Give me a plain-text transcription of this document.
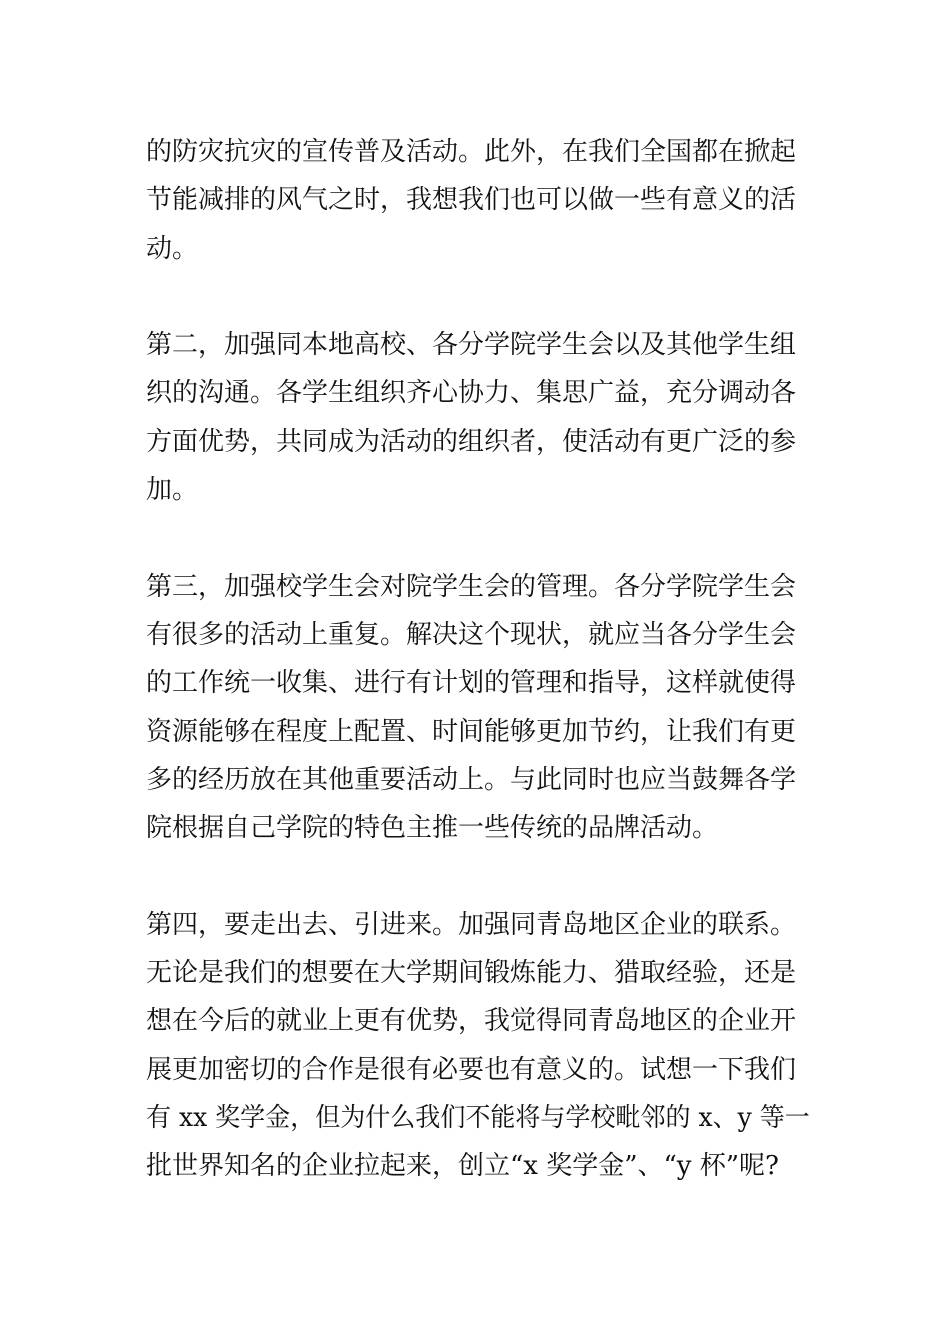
的防灾抗灾的宣传普及活动。此外，在我们全国都在掀起
节能减排的风气之时，我想我们也可以做一些有意义的活
动。
第二，加强同本地高校、各分学院学生会以及其他学生组
织的沟通。各学生组织齐心协力、集思广益，充分调动各
方面优势，共同成为活动的组织者，使活动有更广泛的参
加。
第三，加强校学生会对院学生会的管理。各分学院学生会
有很多的活动上重复。解决这个现状，就应当各分学生会
的工作统一收集、进行有计划的管理和指导，这样就使得
资源能够在程度上配置、时间能够更加节约，让我们有更
多的经历放在其他重要活动上。与此同时也应当鼓舞各学
院根据自己学院的特色主推一些传统的品牌活动。
第四，要走出去、引进来。加强同青岛地区企业的联系。
无论是我们的想要在大学期间锻炼能力、猎取经验，还是
想在今后的就业上更有优势，我觉得同青岛地区的企业开
展更加密切的合作是很有必要也有意义的。试想一下我们
有 xx 奖学金，但为什么我们不能将与学校毗邻的 x、y 等一
批世界知名的企业拉起来，创立“x 奖学金”、“y 杯”呢?
